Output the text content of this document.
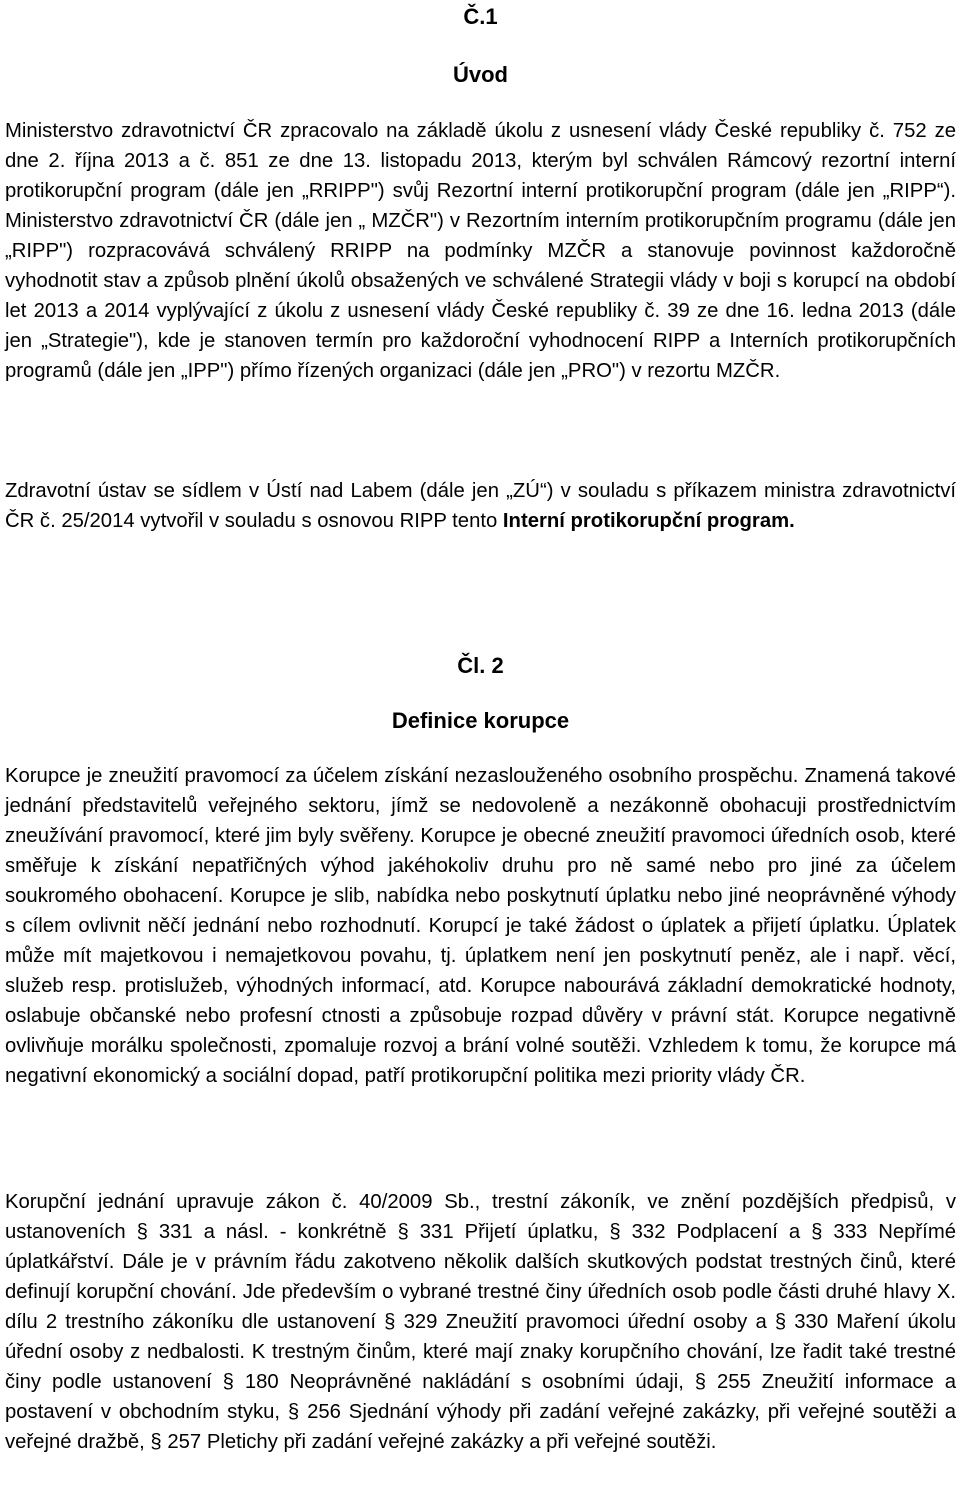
Č.1
Úvod

Ministerstvo zdravotnictví ČR zpracovalo na základě úkolu z usnesení vlády České republiky č. 752 ze dne 2. října 2013 a č. 851 ze dne 13. listopadu 2013, kterým byl schválen Rámcový rezortní interní protikorupční program (dále jen „RRIPP") svůj Rezortní interní protikorupční program (dále jen „RIPP“). Ministerstvo zdravotnictví ČR (dále jen „ MZČR") v Rezortním interním protikorupčním programu (dále jen „RIPP") rozpracovává schválený RRIPP na podmínky MZČR a stanovuje povinnost každoročně vyhodnotit stav a způsob plnění úkolů obsažených ve schválené Strategii vlády v boji s korupcí na období let 2013 a 2014 vyplývající z úkolu z usnesení vlády České republiky č. 39 ze dne 16. ledna 2013 (dále jen „Strategie"), kde je stanoven termín pro každoroční vyhodnocení RIPP a Interních protikorupčních programů (dále jen „IPP") přímo řízených organizaci (dále jen „PRO") v rezortu MZČR.

Zdravotní ústav se sídlem v Ústí nad Labem (dále jen „ZÚ“) v souladu s příkazem ministra zdravotnictví ČR č. 25/2014 vytvořil v souladu s osnovou RIPP tento Interní protikorupční program.

Čl. 2
Definice korupce

Korupce je zneužití pravomocí za účelem získání nezaslouženého osobního prospěchu. Znamená takové jednání představitelů veřejného sektoru, jímž se nedovoleně a nezákonně obohacuji prostřednictvím zneužívání pravomocí, které jim byly svěřeny. Korupce je obecné zneužití pravomoci úředních osob, které směřuje k získání nepatřičných výhod jakéhokoliv druhu pro ně samé nebo pro jiné za účelem soukromého obohacení. Korupce je slib, nabídka nebo poskytnutí úplatku nebo jiné neoprávněné výhody s cílem ovlivnit něčí jednání nebo rozhodnutí. Korupcí je také žádost o úplatek a přijetí úplatku. Úplatek může mít majetkovou i nemajetkovou povahu, tj. úplatkem není jen poskytnutí peněz, ale i např. věcí, služeb resp. protislužeb, výhodných informací, atd. Korupce nabourává základní demokratické hodnoty, oslabuje občanské nebo profesní ctnosti a způsobuje rozpad důvěry v právní stát. Korupce negativně ovlivňuje morálku společnosti, zpomaluje rozvoj a brání volné soutěži. Vzhledem k tomu, že korupce má negativní ekonomický a sociální dopad, patří protikorupční politika mezi priority vlády ČR.

Korupční jednání upravuje zákon č. 40/2009 Sb., trestní zákoník, ve znění pozdějších předpisů, v ustanoveních § 331 a násl. - konkrétně § 331 Přijetí úplatku, § 332 Podplacení a § 333 Nepřímé úplatkářství. Dále je v právním řádu zakotveno několik dalších skutkových podstat trestných činů, které definují korupční chování. Jde především o vybrané trestné činy úředních osob podle části druhé hlavy X. dílu 2 trestního zákoníku dle ustanovení § 329 Zneužití pravomoci úřední osoby a § 330 Maření úkolu úřední osoby z nedbalosti. K trestným činům, které mají znaky korupčního chování, lze řadit také trestné činy podle ustanovení § 180 Neoprávněné nakládání s osobními údaji, § 255 Zneužití informace a postavení v obchodním styku, § 256 Sjednání výhody při zadání veřejné zakázky, při veřejné soutěži a veřejné dražbě, § 257 Pletichy při zadání veřejné zakázky a při veřejné soutěži.
